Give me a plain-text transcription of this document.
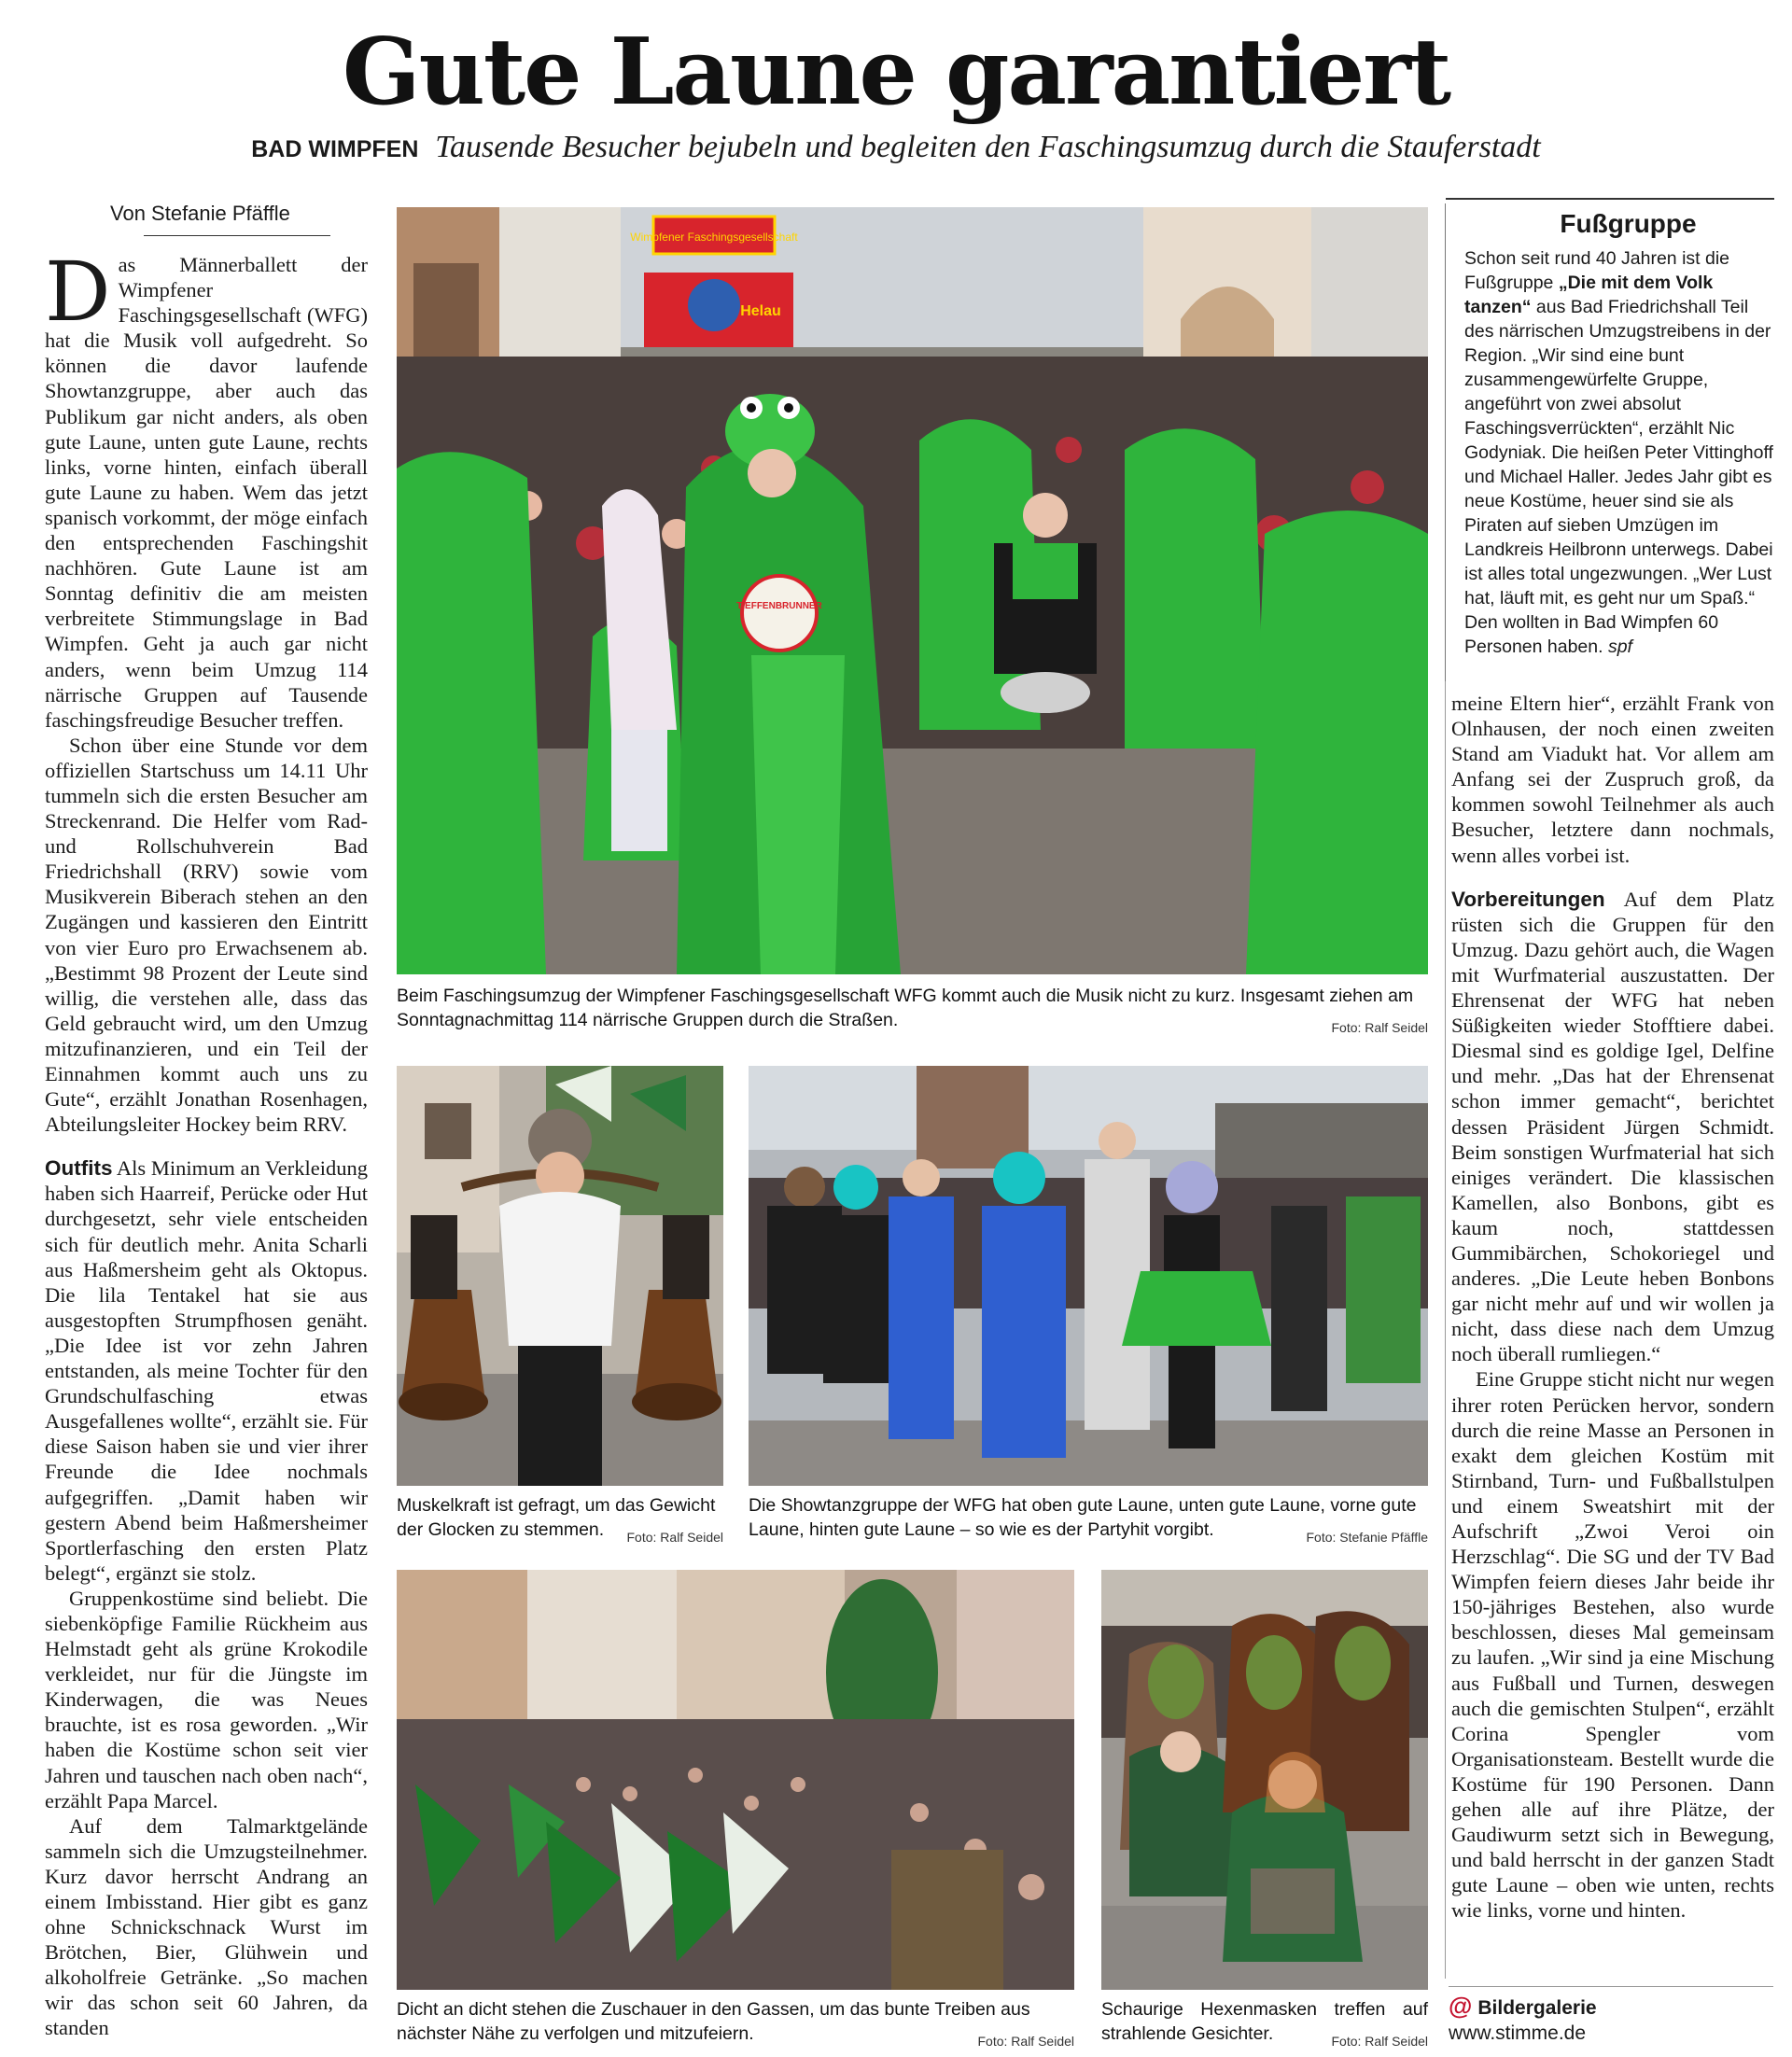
Gute Laune garantiert
BAD WIMPFEN Tausende Besucher bejubeln und begleiten den Faschingsumzug durch die Stauferstadt
Von Stefanie Pfäffle

Das Männerballett der Wimpfener Faschingsgesellschaft (WFG) hat die Musik voll aufgedreht. So können die davor laufende Showtanzgruppe, aber auch das Publikum gar nicht anders, als oben gute Laune, unten gute Laune, rechts links, vorne hinten, einfach überall gute Laune zu haben. Wem das jetzt spanisch vorkommt, der möge einfach den entsprechenden Faschingshit nachhören. Gute Laune ist am Sonntag definitiv die am meisten verbreitete Stimmungslage in Bad Wimpfen. Geht ja auch gar nicht anders, wenn beim Umzug 114 närrische Gruppen auf Tausende faschingsfreudige Besucher treffen.

Schon über eine Stunde vor dem offiziellen Startschuss um 14.11 Uhr tummeln sich die ersten Besucher am Streckenrand. Die Helfer vom Rad- und Rollschuhverein Bad Friedrichshall (RRV) sowie vom Musikverein Biberach stehen an den Zugängen und kassieren den Eintritt von vier Euro pro Erwachsenem ab. „Bestimmt 98 Prozent der Leute sind willig, die verstehen alle, dass das Geld gebraucht wird, um den Umzug mitzufinanzieren, und ein Teil der Einnahmen kommt auch uns zu Gute“, erzählt Jonathan Rosenhagen, Abteilungsleiter Hockey beim RRV.

Outfits Als Minimum an Verkleidung haben sich Haarreif, Perücke oder Hut durchgesetzt, sehr viele entscheiden sich für deutlich mehr. Anita Scharli aus Haßmersheim geht als Oktopus. Die lila Tentakel hat sie aus ausgestopften Strumpfhosen genäht. „Die Idee ist vor zehn Jahren entstanden, als meine Tochter für den Grundschulfasching etwas Ausgefallenes wollte“, erzählt sie. Für diese Saison haben sie und vier ihrer Freunde die Idee nochmals aufgegriffen. „Damit haben wir gestern Abend beim Haßmersheimer Sportlerfasching den ersten Platz belegt“, ergänzt sie stolz.

Gruppenkostüme sind beliebt. Die siebenköpfige Familie Rückheim aus Helmstadt geht als grüne Krokodile verkleidet, nur für die Jüngste im Kinderwagen, die was Neues brauchte, ist es rosa geworden. „Wir haben die Kostüme schon seit vier Jahren und tauschen nach oben nach“, erzählt Papa Marcel.

Auf dem Talmarktgelände sammeln sich die Umzugsteilnehmer. Kurz davor herrscht Andrang an einem Imbisstand. Hier gibt es ganz ohne Schnickschnack Wurst im Brötchen, Bier, Glühwein und alkoholfreie Getränke. „So machen wir das schon seit 60 Jahren, da standen

Wimpfener Faschingsgesellschaft
Helau
TIEFFENBRUNNER
Beim Faschingsumzug der Wimpfener Faschingsgesellschaft WFG kommt auch die Musik nicht zu kurz. Insgesamt ziehen am Sonntagnachmittag 114 närrische Gruppen durch die Straßen.	Foto: Ralf Seidel
Muskelkraft ist gefragt, um das Gewicht der Glocken zu stemmen. Foto: Ralf Seidel
Die Showtanzgruppe der WFG hat oben gute Laune, unten gute Laune, vorne gute Laune, hinten gute Laune – so wie es der Partyhit vorgibt.	Foto: Stefanie Pfäffle
Dicht an dicht stehen die Zuschauer in den Gassen, um das bunte Treiben aus nächster Nähe zu verfolgen und mitzufeiern.	Foto: Ralf Seidel
Schaurige Hexenmasken treffen auf strahlende Gesichter.	Foto: Ralf Seidel
Fußgruppe
Schon seit rund 40 Jahren ist die Fußgruppe „Die mit dem Volk tanzen“ aus Bad Friedrichshall Teil des närrischen Umzugstreibens in der Region. „Wir sind eine bunt zusammengewürfelte Gruppe, angeführt von zwei absolut Faschingsverrückten“, erzählt Nic Godyniak. Die heißen Peter Vittinghoff und Michael Haller. Jedes Jahr gibt es neue Kostüme, heuer sind sie als Piraten auf sieben Umzügen im Landkreis Heilbronn unterwegs. Dabei ist alles total ungezwungen. „Wer Lust hat, läuft mit, es geht nur um Spaß.“ Den wollten in Bad Wimpfen 60 Personen haben. spf

meine Eltern hier“, erzählt Frank von Olnhausen, der noch einen zweiten Stand am Viadukt hat. Vor allem am Anfang sei der Zuspruch groß, da kommen sowohl Teilnehmer als auch Besucher, letztere dann nochmals, wenn alles vorbei ist.

Vorbereitungen Auf dem Platz rüsten sich die Gruppen für den Umzug. Dazu gehört auch, die Wagen mit Wurfmaterial auszustatten. Der Ehrensenat der WFG hat neben Süßigkeiten wieder Stofftiere dabei. Diesmal sind es goldige Igel, Delfine und mehr. „Das hat der Ehrensenat schon immer gemacht“, berichtet dessen Präsident Jürgen Schmidt. Beim sonstigen Wurfmaterial hat sich einiges verändert. Die klassischen Kamellen, also Bonbons, gibt es kaum noch, stattdessen Gummibärchen, Schokoriegel und anderes. „Die Leute heben Bonbons gar nicht mehr auf und wir wollen ja nicht, dass diese nach dem Umzug noch überall rumliegen.“

Eine Gruppe sticht nicht nur wegen ihrer roten Perücken hervor, sondern durch die reine Masse an Personen in exakt dem gleichen Kostüm mit Stirnband, Turn- und Fußballstulpen und einem Sweatshirt mit der Aufschrift „Zwoi Veroi oin Herzschlag“. Die SG und der TV Bad Wimpfen feiern dieses Jahr beide ihr 150-jähriges Bestehen, also wurde beschlossen, dieses Mal gemeinsam zu laufen. „Wir sind ja eine Mischung aus Fußball und Turnen, deswegen auch die gemischten Stulpen“, erzählt Corina Spengler vom Organisationsteam. Bestellt wurde die Kostüme für 190 Personen. Dann gehen alle auf ihre Plätze, der Gaudiwurm setzt sich in Bewegung, und bald herrscht in der ganzen Stadt gute Laune – oben wie unten, rechts wie links, vorne und hinten.

@ Bildergalerie
www.stimme.de
